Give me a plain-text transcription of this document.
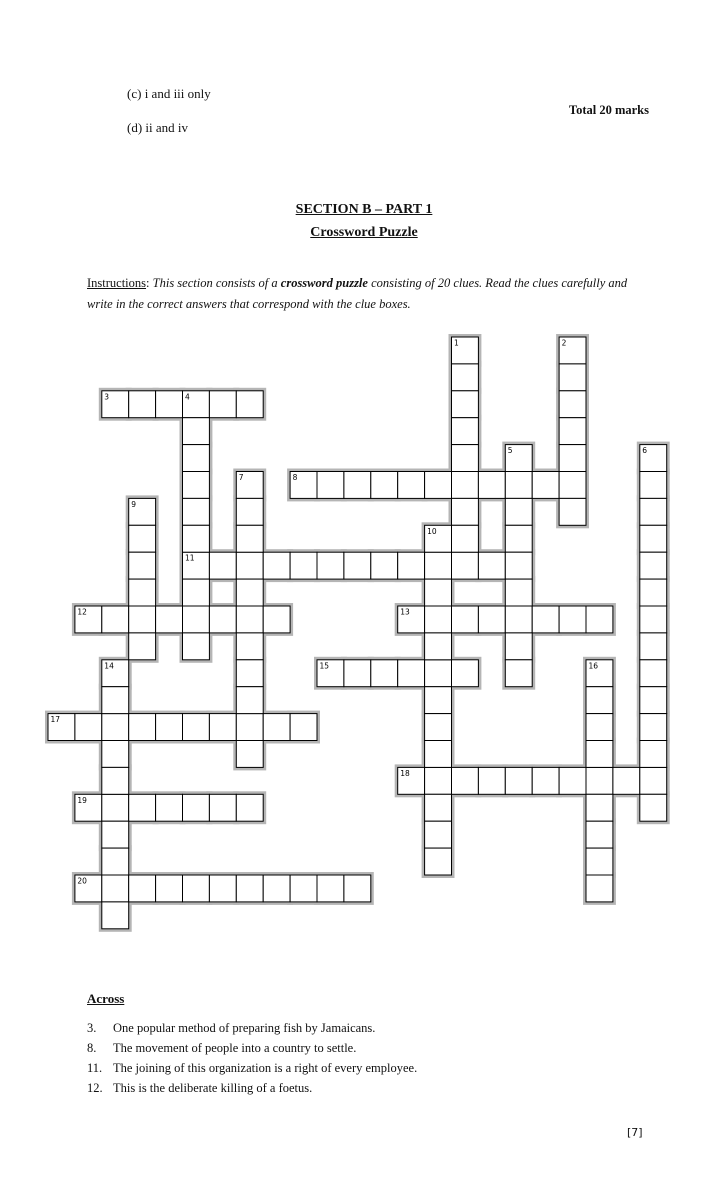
(c) i and iii only
(d) ii and iv
Total 20 marks
SECTION B – PART 1
Crossword Puzzle
Instructions: This section consists of a crossword puzzle consisting of 20 clues. Read the clues carefully and write in the correct answers that correspond with the clue boxes.
1	2
3	4
5	6
7	8
9
10
11
12	13
14	15	16
17
18
19
20
Across
3. One popular method of preparing fish by Jamaicans.
8. The movement of people into a country to settle.
11. The joining of this organization is a right of every employee.
12. This is the deliberate killing of a foetus.
[7]
